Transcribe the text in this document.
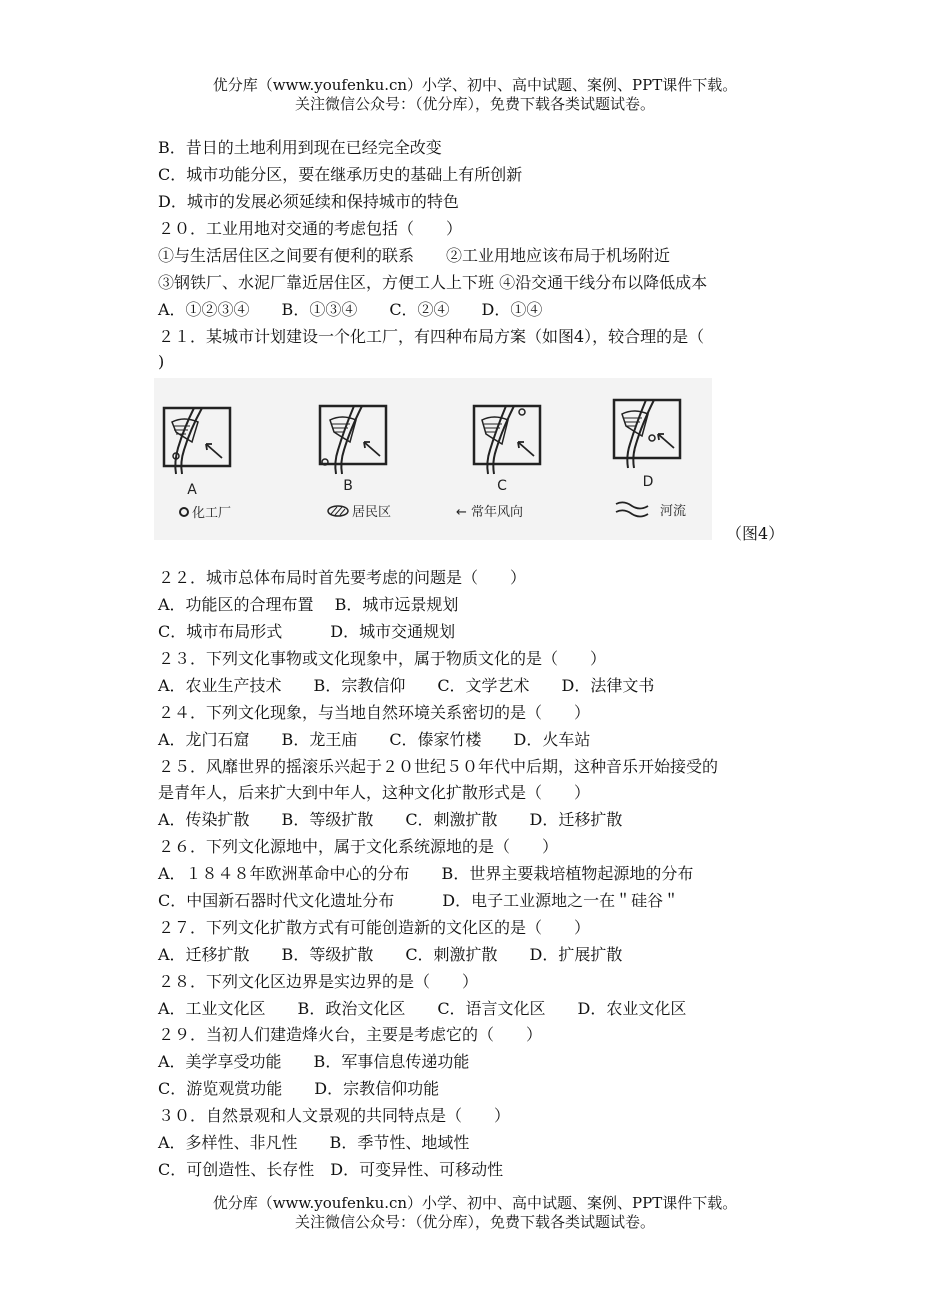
优分库（www.youfenku.cn）小学、初中、高中试题、案例、PPT课件下载。
关注微信公众号：（优分库），免费下载各类试题试卷。
B．昔日的土地利用到现在已经完全改变
C．城市功能分区，要在继承历史的基础上有所创新
D．城市的发展必须延续和保持城市的特色
２０．工业用地对交通的考虑包括（　　）
①与生活居住区之间要有便利的联系　　②工业用地应该布局于机场附近
③钢铁厂、水泥厂靠近居住区，方便工人上下班 ④沿交通干线分布以降低成本
A．①②③④　　B．①③④　　C．②④　　D．①④
２１．某城市计划建设一个化工厂，有四种布局方案（如图4），较合理的是（
)
A	B	C	D
化工厂	居民区	← 常年风向	河流
（图4）
２２．城市总体布局时首先要考虑的问题是（　　）
A．功能区的合理布置　 B．城市远景规划
C．城市布局形式　　　D．城市交通规划
２３．下列文化事物或文化现象中，属于物质文化的是（　　）
A．农业生产技术　　B．宗教信仰　　C．文学艺术　　D．法律文书
２４．下列文化现象，与当地自然环境关系密切的是（　　）
A．龙门石窟　　B．龙王庙　　C．傣家竹楼　　D．火车站
２５．风靡世界的摇滚乐兴起于２０世纪５０年代中后期，这种音乐开始接受的
是青年人，后来扩大到中年人，这种文化扩散形式是（　　）
A．传染扩散　　B．等级扩散　　C．刺激扩散　　D．迁移扩散
２６．下列文化源地中，属于文化系统源地的是（　　）
A．１８４８年欧洲革命中心的分布　　B．世界主要栽培植物起源地的分布
C．中国新石器时代文化遗址分布　　　D．电子工业源地之一在＂硅谷＂
２７．下列文化扩散方式有可能创造新的文化区的是（　　）
A．迁移扩散　　B．等级扩散　　C．刺激扩散　　D．扩展扩散
２８．下列文化区边界是实边界的是（　　）
A．工业文化区　　B．政治文化区　　C．语言文化区　　D．农业文化区
２９．当初人们建造烽火台，主要是考虑它的（　　）
A．美学享受功能　　B．军事信息传递功能
C．游览观赏功能　　D．宗教信仰功能
３０．自然景观和人文景观的共同特点是（　　）
A．多样性、非凡性　　B．季节性、地域性
C．可创造性、长存性　D．可变异性、可移动性
优分库（www.youfenku.cn）小学、初中、高中试题、案例、PPT课件下载。
关注微信公众号：（优分库），免费下载各类试题试卷。
